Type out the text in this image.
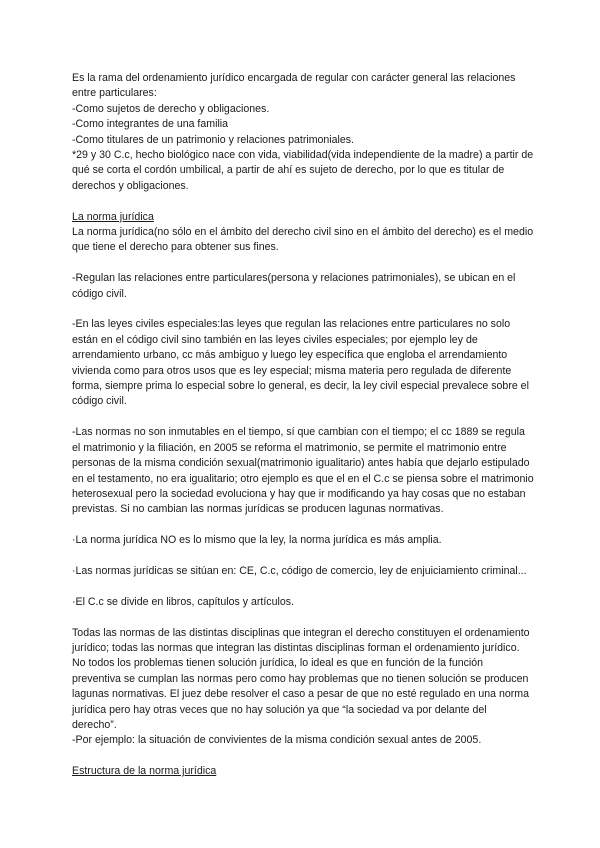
Es la rama del ordenamiento jurídico encargada de regular con carácter general las relaciones entre particulares:

-Como sujetos de derecho y obligaciones.

-Como integrantes de una familia

-Como titulares de un patrimonio y relaciones patrimoniales.

*29 y 30 C.c, hecho biológico nace con vida, viabilidad(vida independiente de la madre) a partir de qué se corta el cordón umbilical, a partir de ahí es sujeto de derecho, por lo que es titular de derechos y obligaciones.

La norma jurídica

La norma jurídica(no sólo en el ámbito del derecho civil sino en el ámbito del derecho) es el medio que tiene el derecho para obtener sus fines.

-Regulan las relaciones entre particulares(persona y relaciones patrimoniales), se ubican en el código civil.

-En las leyes civiles especiales:las leyes que regulan las relaciones entre particulares no solo están en el código civil sino también en las leyes civiles especiales; por ejemplo ley de arrendamiento urbano, cc más ambiguo y luego ley específica que engloba el arrendamiento vivienda como para otros usos que es ley especial; misma materia pero regulada de diferente forma, siempre prima lo especial sobre lo general, es decir, la ley civil especial prevalece sobre el código civil.

-Las normas no son inmutables en el tiempo, sí que cambian con el tiempo; el cc 1889 se regula el matrimonio y la filiación, en 2005 se reforma el matrimonio, se permite el matrimonio entre personas de la misma condición sexual(matrimonio igualitario) antes había que dejarlo estipulado en el testamento, no era igualitario; otro ejemplo es que el en el C.c se piensa sobre el matrimonio heterosexual pero la sociedad evoluciona y hay que ir modificando ya hay cosas que no estaban previstas. Si no cambian las normas jurídicas se producen lagunas normativas.

·La norma jurídica NO es lo mismo que la ley, la norma jurídica es más amplia.

·Las normas jurídicas se sitúan en: CE, C.c, código de comercio, ley de enjuiciamiento criminal...

·El C.c se divide en libros, capítulos y artículos.

Todas las normas de las distintas disciplinas que integran el derecho constituyen el ordenamiento jurídico; todas las normas que integran las distintas disciplinas forman el ordenamiento jurídico. No todos los problemas tienen solución jurídica, lo ideal es que en función de la función preventiva se cumplan las normas pero como hay problemas que no tienen solución se producen lagunas normativas. El juez debe resolver el caso a pesar de que no esté regulado en una norma jurídica pero hay otras veces que no hay solución ya que “la sociedad va por delante del derecho”.

-Por ejemplo: la situación de convivientes de la misma condición sexual antes de 2005.

Estructura de la norma jurídica
